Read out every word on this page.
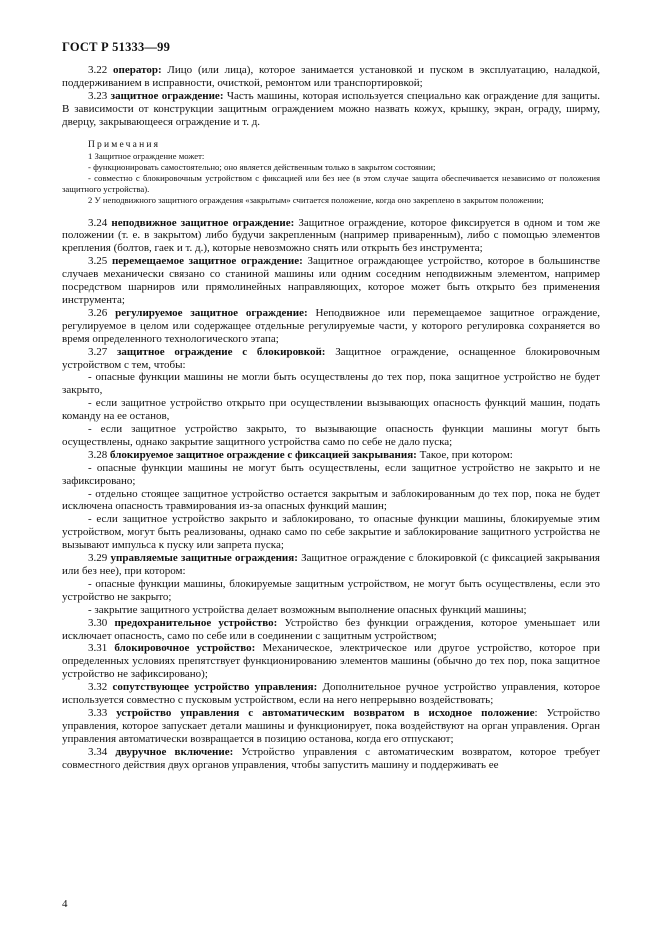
ГОСТ Р 51333—99

3.22 оператор: Лицо (или лица), которое занимается установкой и пуском в эксплуатацию, наладкой, поддерживанием в исправности, очисткой, ремонтом или транспортировкой;

3.23 защитное ограждение: Часть машины, которая используется специально как ограждение для защиты. В зависимости от конструкции защитным ограждением можно назвать кожух, крышку, экран, ограду, ширму, дверцу, закрывающееся ограждение и т. д.

Примечания

1 Защитное ограждение может:

- функционировать самостоятельно; оно является действенным только в закрытом состоянии;

- совместно с блокировочным устройством с фиксацией или без нее (в этом случае защита обеспечивается независимо от положения защитного устройства).

2 У неподвижного защитного ограждения «закрытым» считается положение, когда оно закреплено в закрытом положении;

3.24 неподвижное защитное ограждение: Защитное ограждение, которое фиксируется в одном и том же положении (т. е. в закрытом) либо будучи закрепленным (например приваренным), либо с помощью элементов крепления (болтов, гаек и т. д.), которые невозможно снять или открыть без инструмента;

3.25 перемещаемое защитное ограждение: Защитное ограждающее устройство, которое в большинстве случаев механически связано со станиной машины или одним соседним неподвижным элементом, например посредством шарниров или прямолинейных направляющих, которое может быть открыто без применения инструмента;

3.26 регулируемое защитное ограждение: Неподвижное или перемещаемое защитное ограждение, регулируемое в целом или содержащее отдельные регулируемые части, у которого регулировка сохраняется во время определенного технологического этапа;

3.27 защитное ограждение с блокировкой: Защитное ограждение, оснащенное блокировочным устройством с тем, чтобы:

- опасные функции машины не могли быть осуществлены до тех пор, пока защитное устройство не будет закрыто,

- если защитное устройство открыто при осуществлении вызывающих опасность функций машин, подать команду на ее останов,

- если защитное устройство закрыто, то вызывающие опасность функции машины могут быть осуществлены, однако закрытие защитного устройства само по себе не дало пуска;

3.28 блокируемое защитное ограждение с фиксацией закрывания: Такое, при котором:

- опасные функции машины не могут быть осуществлены, если защитное устройство не закрыто и не зафиксировано;

- отдельно стоящее защитное устройство остается закрытым и заблокированным до тех пор, пока не будет исключена опасность травмирования из-за опасных функций машин;

- если защитное устройство закрыто и заблокировано, то опасные функции машины, блокируемые этим устройством, могут быть реализованы, однако само по себе закрытие и заблокирование защитного устройства не вызывают импульса к пуску или запрета пуска;

3.29 управляемые защитные ограждения: Защитное ограждение с блокировкой (с фиксацией закрывания или без нее), при котором:

- опасные функции машины, блокируемые защитным устройством, не могут быть осуществлены, если это устройство не закрыто;

- закрытие защитного устройства делает возможным выполнение опасных функций машины;

3.30 предохранительное устройство: Устройство без функции ограждения, которое уменьшает или исключает опасность, само по себе или в соединении с защитным устройством;

3.31 блокировочное устройство: Механическое, электрическое или другое устройство, которое при определенных условиях препятствует функционированию элементов машины (обычно до тех пор, пока защитное устройство не зафиксировано);

3.32 сопутствующее устройство управления: Дополнительное ручное устройство управления, которое используется совместно с пусковым устройством, если на него непрерывно воздействовать;

3.33 устройство управления с автоматическим возвратом в исходное положение: Устройство управления, которое запускает детали машины и функционирует, пока воздействуют на орган управления. Орган управления автоматически возвращается в позицию останова, когда его отпускают;

3.34 двуручное включение: Устройство управления с автоматическим возвратом, которое требует совместного действия двух органов управления, чтобы запустить машину и поддерживать ее

4
